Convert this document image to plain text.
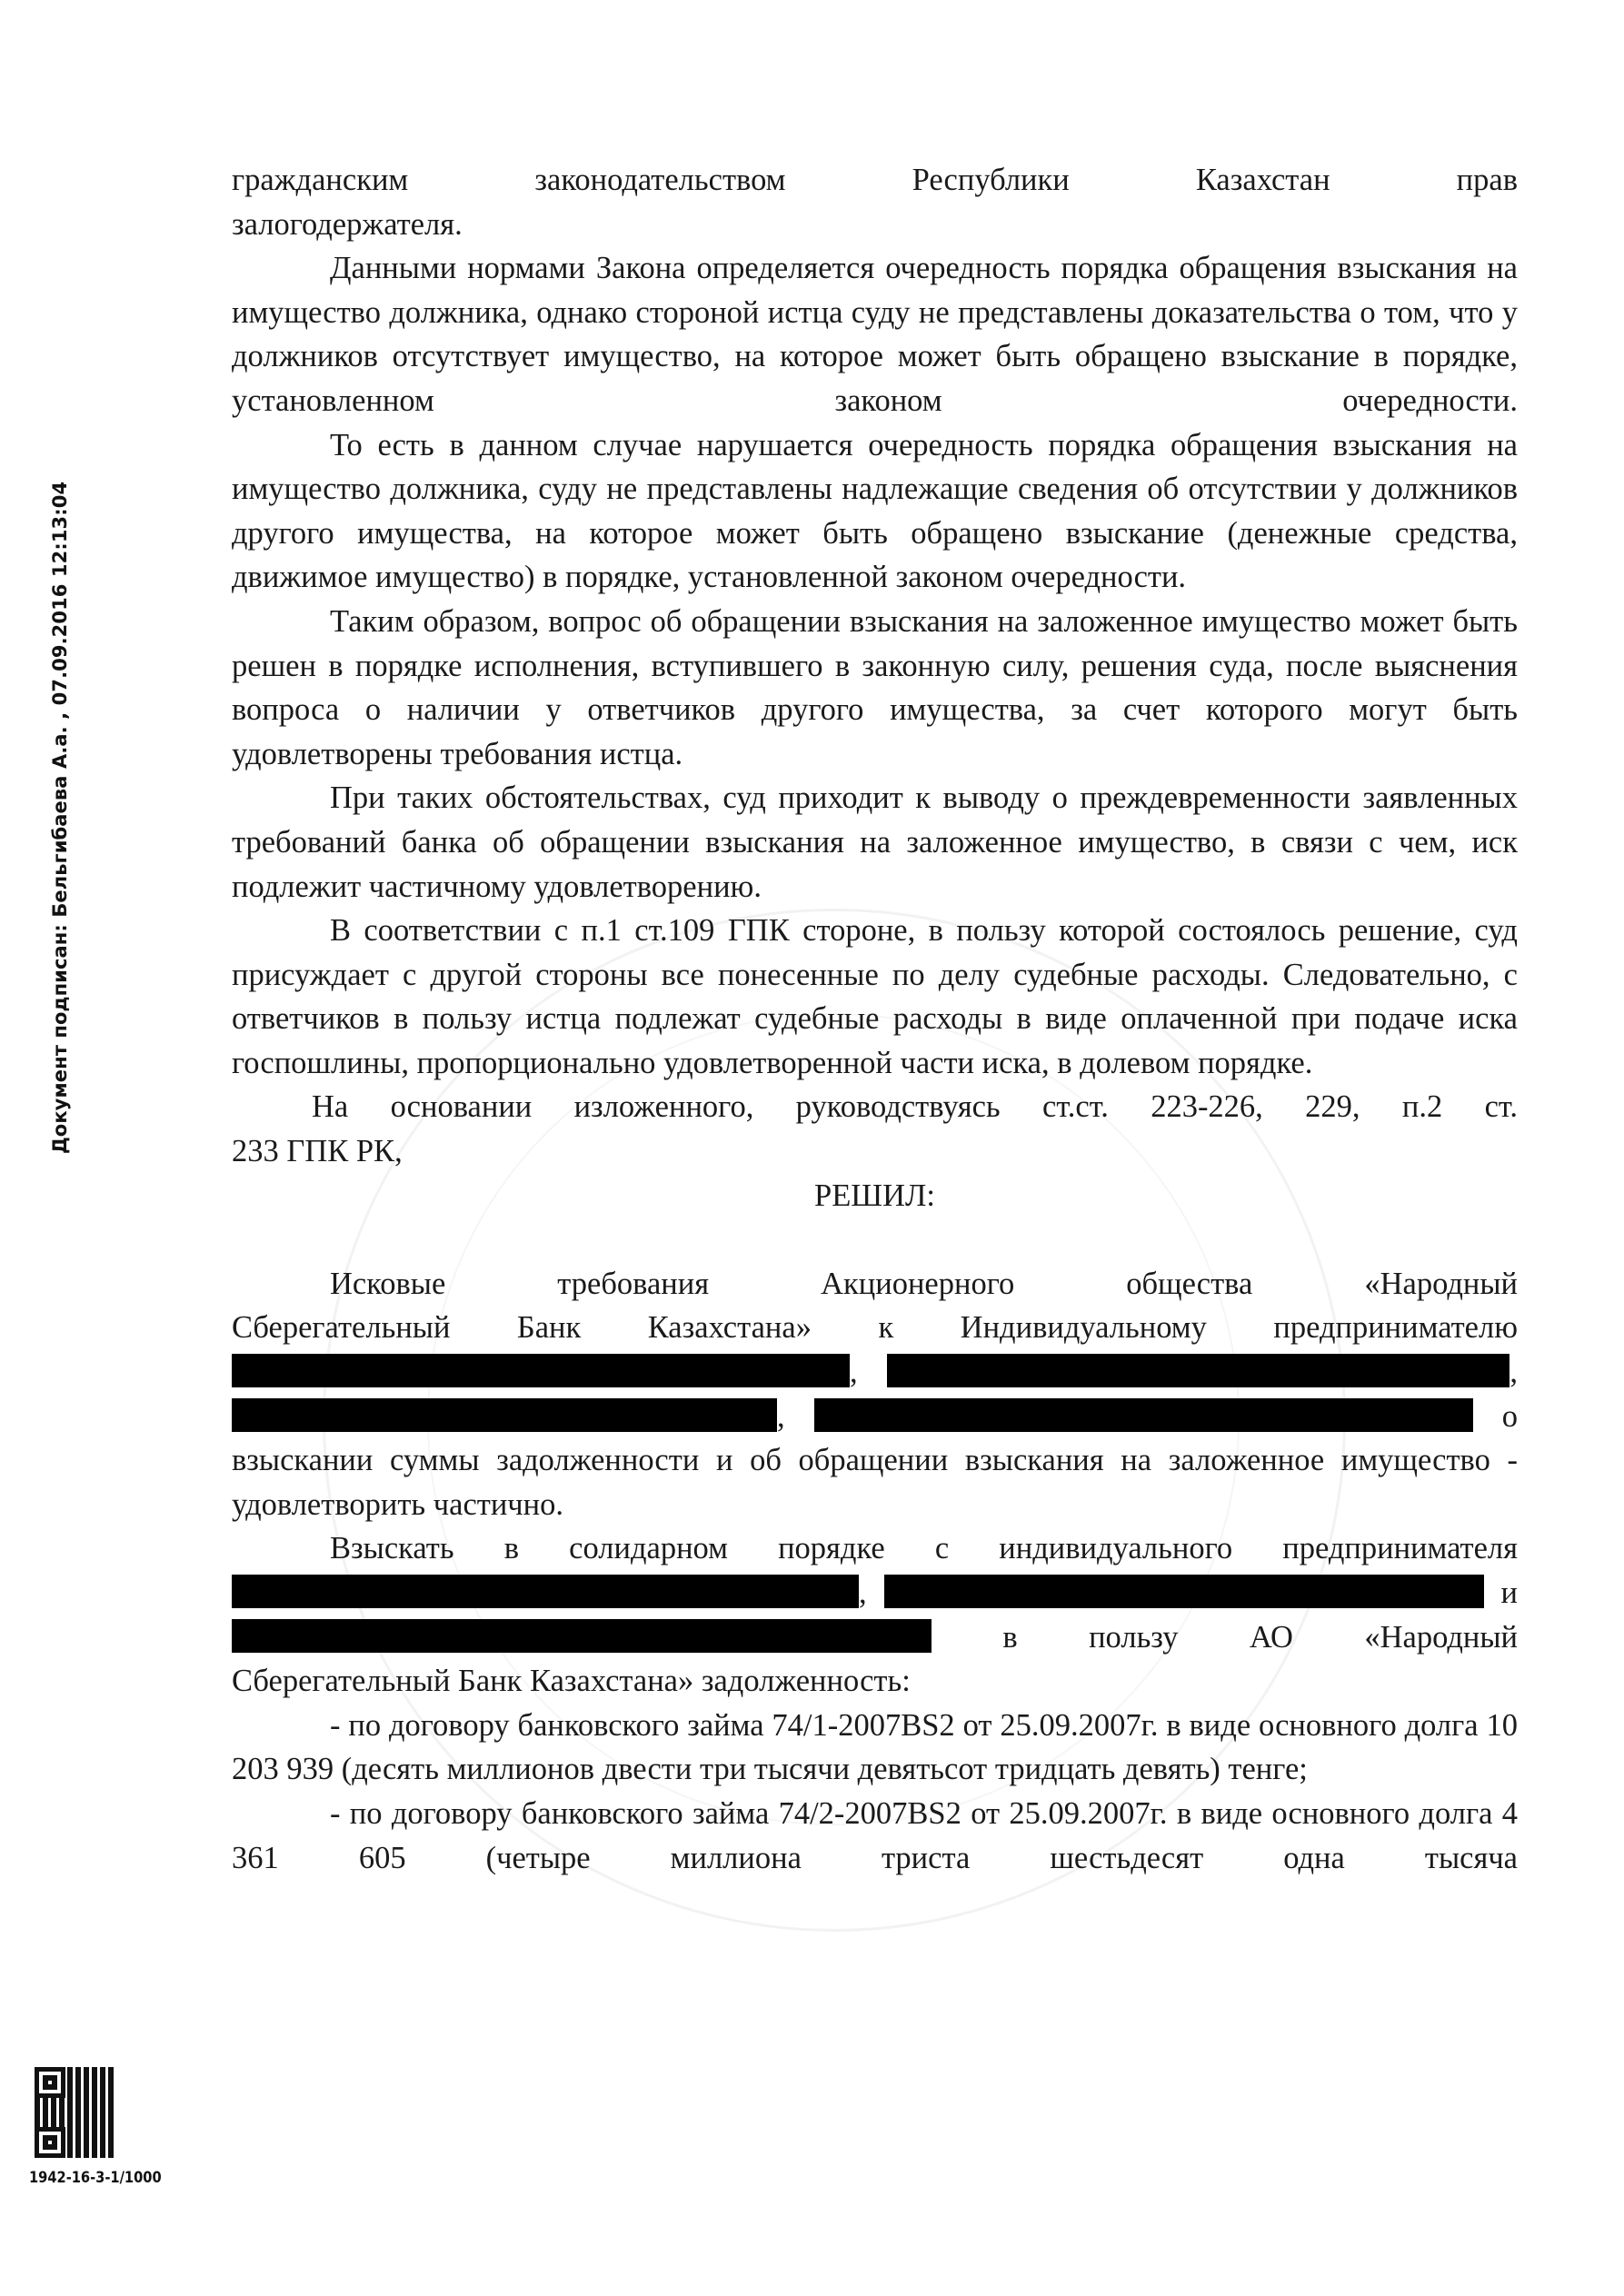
гражданским законодательством Республики Казахстан прав

залогодержателя.

Данными нормами Закона определяется очередность порядка обращения взыскания на имущество должника, однако стороной истца суду не представлены доказательства о том, что у должников отсутствует имущество, на которое может быть обращено взыскание в порядке, установленном законом очередности.

То есть в данном случае нарушается очередность порядка обращения взыскания на имущество должника, суду не представлены надлежащие сведения об отсутствии у должников другого имущества, на которое может быть обращено взыскание (денежные средства, движимое имущество) в порядке, установленной законом очередности.

Таким образом, вопрос об обращении взыскания на заложенное имущество может быть решен в порядке исполнения, вступившего в законную силу, решения суда, после выяснения вопроса о наличии у ответчиков другого имущества, за счет которого могут быть удовлетворены требования истца.

При таких обстоятельствах, суд приходит к выводу о преждевременности заявленных требований банка об обращении взыскания на заложенное имущество, в связи с чем, иск подлежит частичному удовлетворению.

В соответствии с п.1 ст.109 ГПК стороне, в пользу которой состоялось решение, суд присуждает с другой стороны все понесенные по делу судебные расходы. Следовательно, с ответчиков в пользу истца подлежат судебные расходы в виде оплаченной при подаче иска госпошлины, пропорционально удовлетворенной части иска, в долевом порядке.

На основании изложенного, руководствуясь ст.ст. 223-226, 229, п.2 ст.

233 ГПК РК,

РЕШИЛ:

Исковые требования Акционерного общества «Народный

Сберегательный Банк Казахстана» к Индивидуальному предпринимателю

,	,

,	о

взыскании суммы задолженности и об обращении взыскания на заложенное имущество - удовлетворить частично.

Взыскать в солидарном порядке с индивидуального предпринимателя

,	и

в пользу АО «Народный

Сберегательный Банк Казахстана» задолженность:

- по договору банковского займа 74/1-2007BS2 от 25.09.2007г. в виде основного долга 10 203 939 (десять миллионов двести три тысячи девятьсот тридцать девять) тенге;

- по договору банковского займа 74/2-2007BS2 от 25.09.2007г. в виде основного долга 4 361 605 (четыре миллиона триста шестьдесят одна тысяча

Документ подписан: Бельгибаева А.а. , 07.09.2016 12:13:04
1942-16-3-1/1000
